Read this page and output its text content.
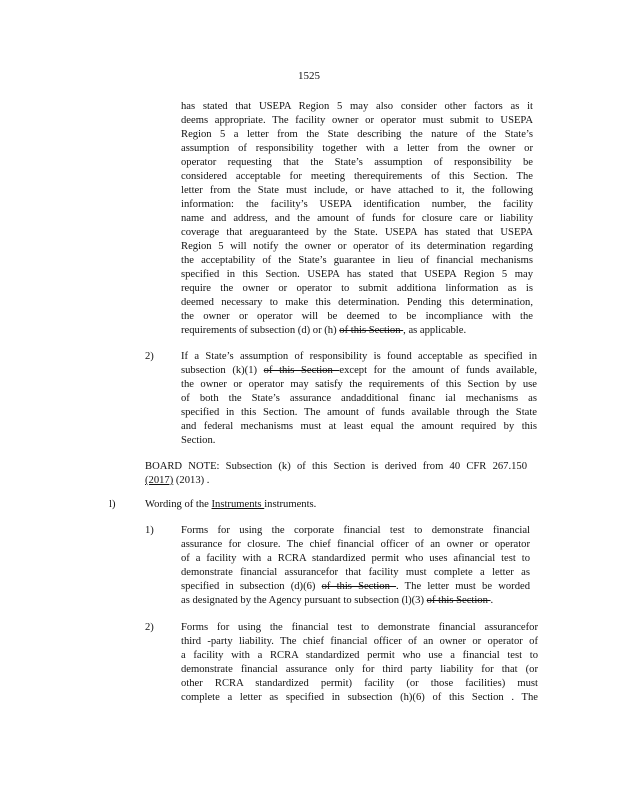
1525
has stated that USEPA Region 5 may also consider other factors as it
deems appropriate. The facility owner or operator must submit to USEPA
Region 5 a letter from the State describing the nature of the State’s
assumption of responsibility together with a letter from the owner or
operator requesting that the State’s assumption of responsibility be
considered acceptable for meeting therequirements of this Section. The
letter from the State must include, or have attached to it, the following
information: the facility’s USEPA identification number, the facility
name and address, and the amount of funds for closure care or liability
coverage that areguaranteed by the State. USEPA has stated that USEPA
Region 5 will notify the owner or operator of its determination regarding
the acceptability of the State’s guarantee in lieu of financial mechanisms
specified in this Section. USEPA has stated that USEPA Region 5 may
require the owner or operator to submit additiona linformation as is
deemed necessary to make this determination. Pending this determination,
the owner or operator will be deemed to be incompliance with the
requirements of subsection (d) or (h) of this Section , as applicable.
2)	If a State’s assumption of responsibility is found acceptable as specified in
subsection (k)(1) of this Section except for the amount of funds available,
the owner or operator may satisfy the requirements of this Section by use
of both the State’s assurance andadditional financ ial mechanisms as
specified in this Section. The amount of funds available through the State
and federal mechanisms must at least equal the amount required by this
Section.
BOARD NOTE: Subsection (k) of this Section is derived from 40 CFR 267.150
(2017) (2013) .
l)	Wording of the Instruments instruments.
1)	Forms for using the corporate financial test to demonstrate financial
assurance for closure. The chief financial officer of an owner or operator
of a facility with a RCRA standardized permit who uses afinancial test to
demonstrate financial assurancefor that facility must complete a letter as
specified in subsection (d)(6) of this Section . The letter must be worded
as designated by the Agency pursuant to subsection (l)(3) of this Section .
2)	Forms for using the financial test to demonstrate financial assurancefor
third -party liability. The chief financial officer of an owner or operator of
a facility with a RCRA standardized permit who use a financial test to
demonstrate financial assurance only for third party liability for that (or
other RCRA standardized permit) facility (or those facilities) must
complete a letter as specified in subsection (h)(6) of this Section . The
